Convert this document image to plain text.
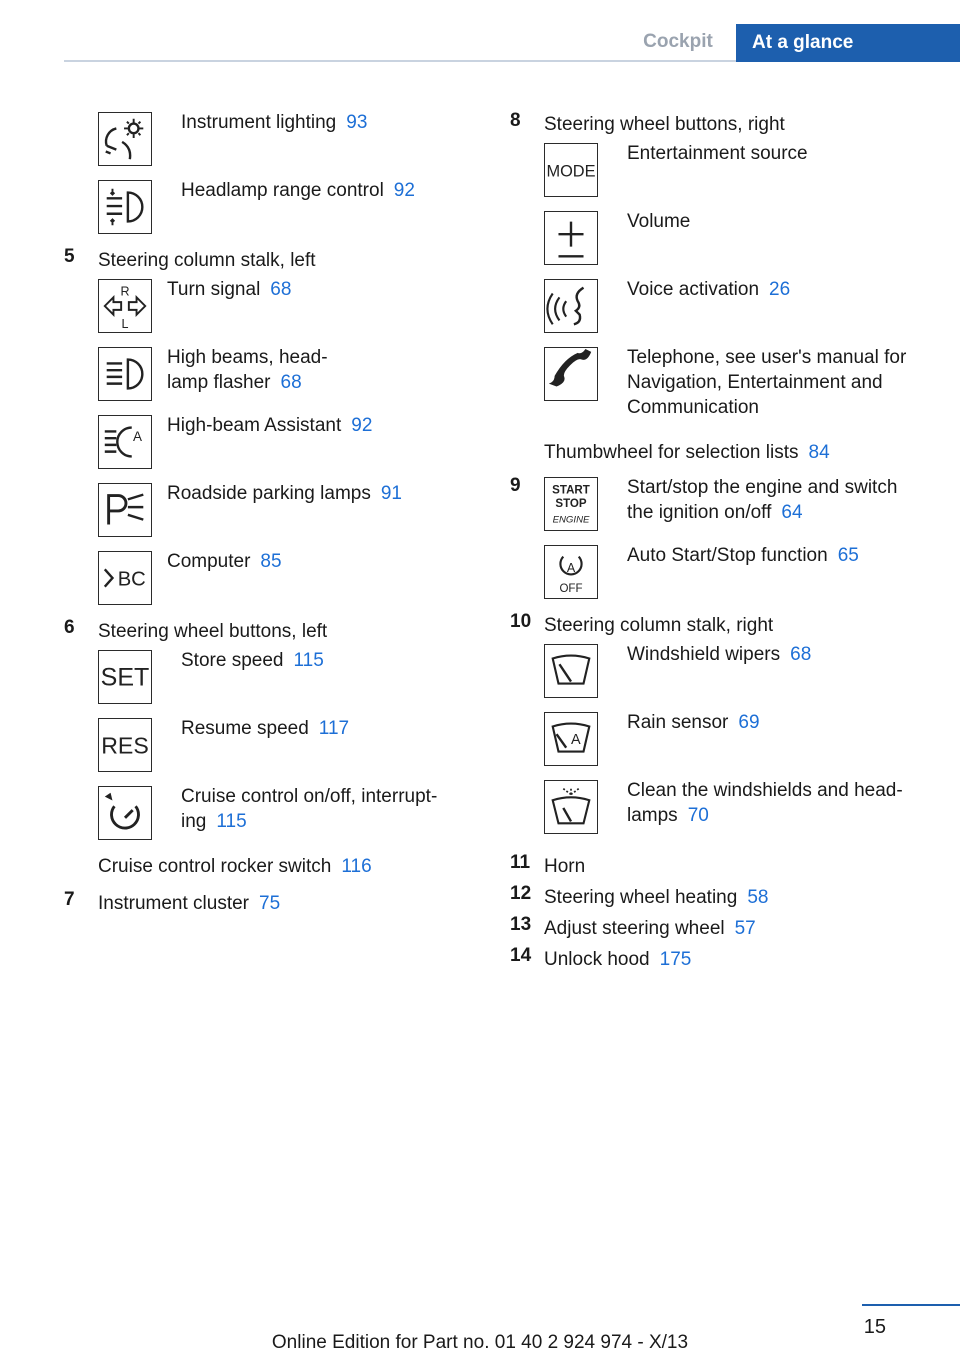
Cockpit	At a glance
Instrument lighting 93
Headlamp range control 92
5	Steering column stalk, left
R
L
Turn signal 68
High beams, head-
lamp flasher 68
A
High-beam Assistant 92
Roadside parking lamps 91
BC
Computer 85
6	Steering wheel buttons, left
SET
Store speed 115
RES
Resume speed 117
Cruise control on/off, interrupt-
ing 115
Cruise control rocker switch 116
7	Instrument cluster 75
8	Steering wheel buttons, right
MODE
Entertainment source
Volume
Voice activation 26
Telephone, see user's manual for
Navigation, Entertainment and
Communication
Thumbwheel for selection lists 84
9	START
STOP
ENGINE
Start/stop the engine and switch
the ignition on/off 64
A
OFF
Auto Start/Stop function 65
10 Steering column stalk, right
Windshield wipers 68
A
Rain sensor 69
Clean the windshields and head-
lamps 70
11 Horn
12 Steering wheel heating 58
13 Adjust steering wheel 57
14 Unlock hood 175
15
Online Edition for Part no. 01 40 2 924 974 - X/13
